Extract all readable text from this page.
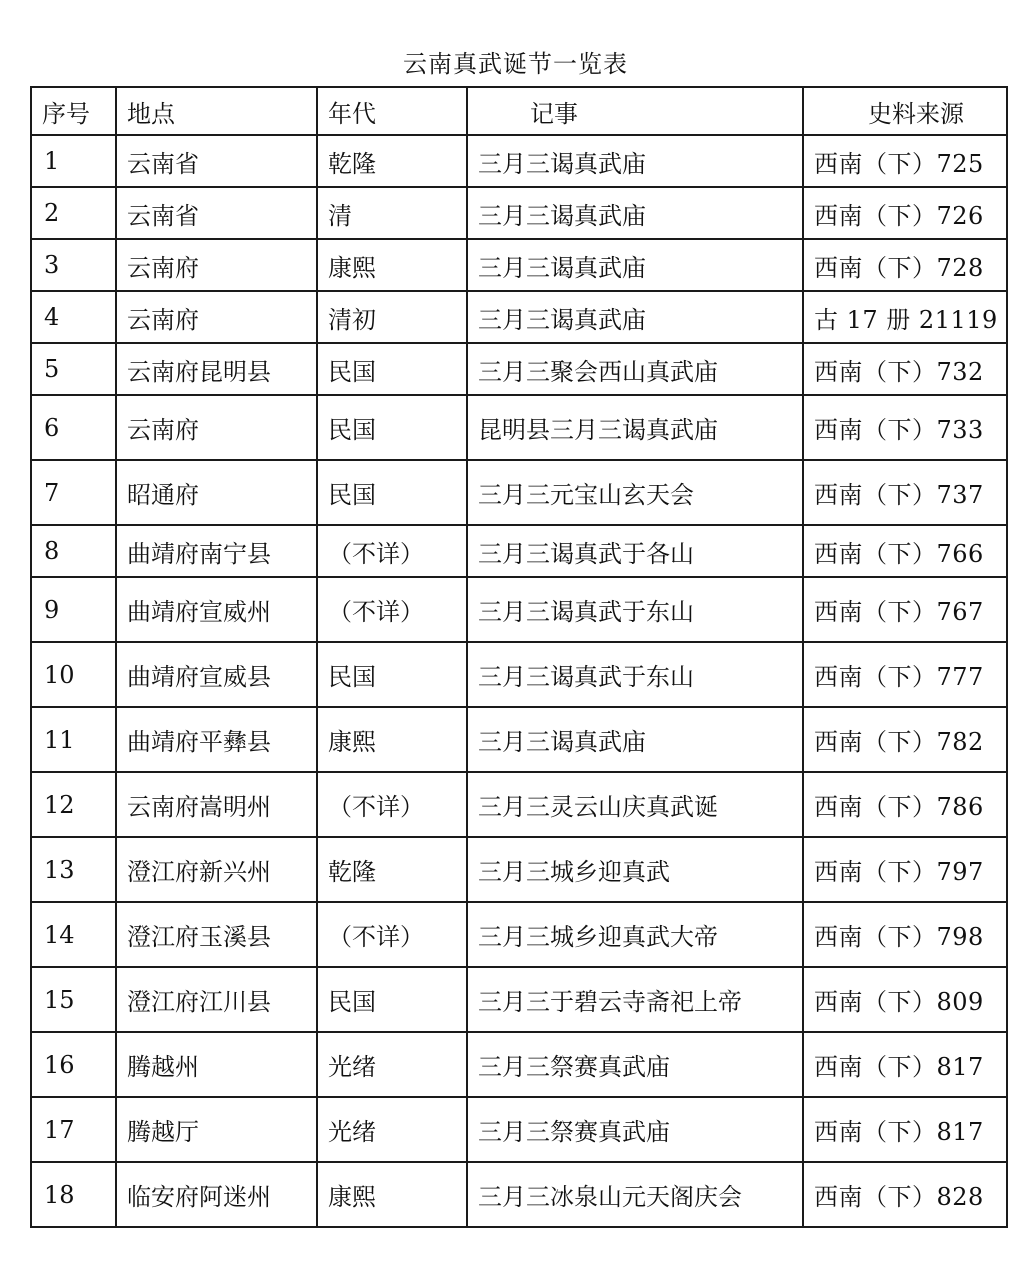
云南真武诞节一览表
序号	地点	年代	记事	史料来源
1	云南省	乾隆	三月三谒真武庙	西南（下）725
2	云南省	清	三月三谒真武庙	西南（下）726
3	云南府	康熙	三月三谒真武庙	西南（下）728
4	云南府	清初	三月三谒真武庙	古 17 册 21119
5	云南府昆明县	民国	三月三聚会西山真武庙	西南（下）732
6	云南府	民国	昆明县三月三谒真武庙	西南（下）733
7	昭通府	民国	三月三元宝山玄天会	西南（下）737
8	曲靖府南宁县	（不详）	三月三谒真武于各山	西南（下）766
9	曲靖府宣威州	（不详）	三月三谒真武于东山	西南（下）767
10	曲靖府宣威县	民国	三月三谒真武于东山	西南（下）777
11	曲靖府平彝县	康熙	三月三谒真武庙	西南（下）782
12	云南府嵩明州	（不详）	三月三灵云山庆真武诞	西南（下）786
13	澄江府新兴州	乾隆	三月三城乡迎真武	西南（下）797
14	澄江府玉溪县	（不详）	三月三城乡迎真武大帝	西南（下）798
15	澄江府江川县	民国	三月三于碧云寺斋祀上帝	西南（下）809
16	腾越州	光绪	三月三祭赛真武庙	西南（下）817
17	腾越厅	光绪	三月三祭赛真武庙	西南（下）817
18	临安府阿迷州	康熙	三月三冰泉山元天阁庆会	西南（下）828
